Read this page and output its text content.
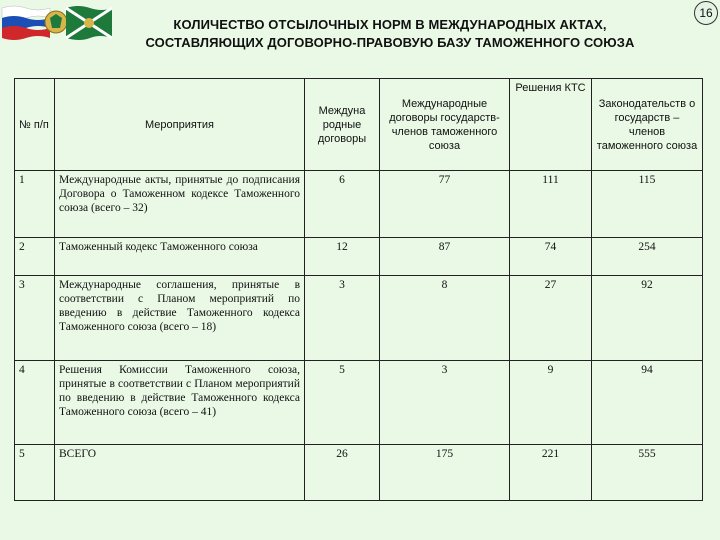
16
КОЛИЧЕСТВО ОТСЫЛОЧНЫХ НОРМ В МЕЖДУНАРОДНЫХ АКТАХ,
СОСТАВЛЯЮЩИХ ДОГОВОРНО-ПРАВОВУЮ БАЗУ ТАМОЖЕННОГО СОЮЗА
№ п/п	Мероприятия	Междуна родные договоры	Международные договоры государств-членов таможенного союза	Решения КТС	Законодательств о государств – членов таможенного союза
1	Международные акты, принятые до подписания Договора о Таможенном кодексе Таможенного союза (всего – 32)	6	77	111	115
2	Таможенный кодекс Таможенного союза	12	87	74	254
3	Международные соглашения, принятые в соответствии с Планом мероприятий по введению в действие Таможенного кодекса Таможенного союза (всего – 18)	3	8	27	92
4	Решения Комиссии Таможенного союза, принятые в соответствии с Планом мероприятий по введению в действие Таможенного кодекса Таможенного союза (всего – 41)	5	3	9	94
5	ВСЕГО	26	175	221	555
